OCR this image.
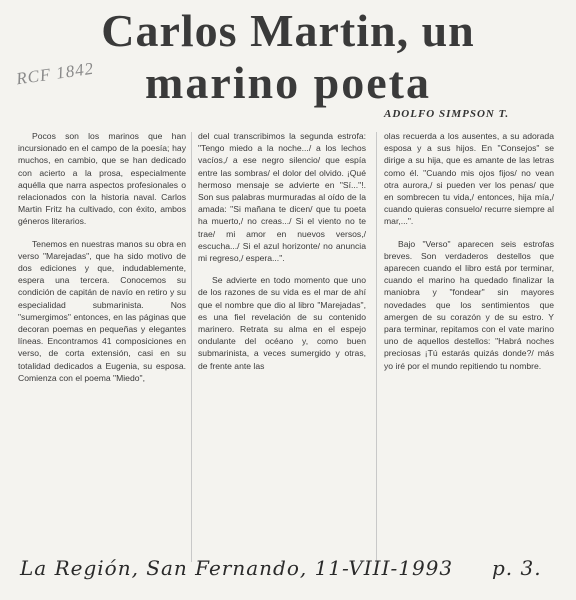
Carlos Martin, un
marino poeta
RCF 1842
ADOLFO SIMPSON T.

Pocos son los marinos que han incursionado en el campo de la poesía; hay muchos, en cambio, que se han dedicado con acierto a la prosa, especialmente aquélla que narra aspectos profesionales o relacionados con la historia naval. Carlos Martin Fritz ha cultivado, con éxito, ambos géneros literarios.

Tenemos en nuestras manos su obra en verso "Marejadas", que ha sido motivo de dos ediciones y que, indudablemente, espera una tercera. Conocemos su condición de capitán de navío en retiro y su especialidad submarinista. Nos "sumergimos" entonces, en las páginas que decoran poemas en pequeñas y elegantes líneas. Encontramos 41 composiciones en verso, de corta extensión, casi en su totalidad dedicados a Eugenia, su esposa. Comienza con el poema "Miedo",

del cual transcribimos la segunda estrofa: "Tengo miedo a la noche.../ a los lechos vacíos,/ a ese negro silencio/ que espía entre las sombras/ el dolor del olvido. ¡Qué hermoso mensaje se advierte en "Sí..."!. Son sus palabras murmuradas al oído de la amada: "Si mañana te dicen/ que tu poeta ha muerto,/ no creas.../ Si el viento no te trae/ mi amor en nuevos versos,/ escucha.../ Si el azul horizonte/ no anuncia mi regreso,/ espera...".

Se advierte en todo momento que uno de los razones de su vida es el mar de ahí que el nombre que dio al libro "Marejadas", es una fiel revelación de su contenido marinero. Retrata su alma en el espejo ondulante del océano y, como buen submarinista, a veces sumergido y otras, de frente ante las

olas recuerda a los ausentes, a su adorada esposa y a sus hijos. En "Consejos" se dirige a su hija, que es amante de las letras como él. "Cuando mis ojos fijos/ no vean otra aurora,/ si pueden ver los penas/ que en sombrecen tu vida,/ entonces, hija mía,/ cuando quieras consuelo/ recurre siempre al mar,...".

Bajo "Verso" aparecen seis estrofas breves. Son verdaderos destellos que aparecen cuando el libro está por terminar, cuando el marino ha quedado finalizar la maniobra y "fondear" sin mayores novedades que los sentimientos que amergen de su corazón y de su estro. Y para terminar, repitamos con el vate marino uno de aquellos destellos: "Habrá noches preciosas ¡Tú estarás quizás donde?/ más yo iré por el mundo repitiendo tu nombre.

La Región, San Fernando, 11-VIII-1993 p. 3.
